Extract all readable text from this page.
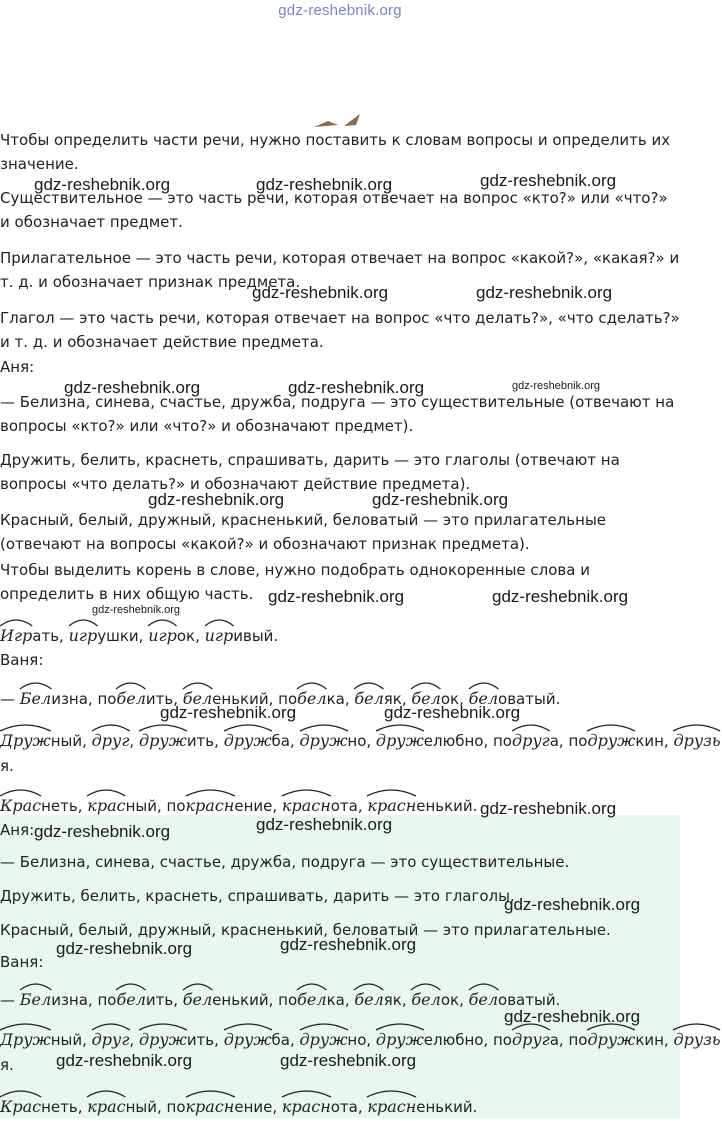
gdz-reshebnik.org
Чтобы определить части речи, нужно поставить к словам вопросы и определить их значение.
Существительное — это часть речи, которая отвечает на вопрос «кто?» или «что?» и обозначает предмет.
Прилагательное — это часть речи, которая отвечает на вопрос «какой?», «какая?» и т. д. и обозначает признак предмета.
Глагол — это часть речи, которая отвечает на вопрос «что делать?», «что сделать?» и т. д. и обозначает действие предмета.
Аня:
— Белизна, синева, счастье, дружба, подруга — это существительные (отвечают на вопросы «кто?» или «что?» и обозначают предмет).
Дружить, белить, краснеть, спрашивать, дарить — это глаголы (отвечают на вопросы «что делать?» и обозначают действие предмета).
Красный, белый, дружный, красненький, беловатый — это прилагательные (отвечают на вопросы «какой?» и обозначают признак предмета).
Чтобы выделить корень в слове, нужно подобрать однокоренные слова и определить в них общую часть.
Игр
ать, игр
ушки, игр
ок, игр
ивый.
Ваня:
— Бел
изна, побел
ить, бел
енький, побел
ка, бел
як, бел
ок, бел
оватый.
Друж
ный, друг
, друж
ить, друж
ба, друж
но, друж
елюбно, подруг
а, подруж
кин, друзь
я.
Крас
неть, крас
ный, покрасн
ение, красн
ота, красн
енький.
Аня:
— Белизна, синева, счастье, дружба, подруга — это существительные.
Дружить, белить, краснеть, спрашивать, дарить — это глаголы.
Красный, белый, дружный, красненький, беловатый — это прилагательные.
Ваня:
— Бел
изна, побел
ить, бел
енький, побел
ка, бел
як, бел
ок, бел
оватый.
Друж
ный, друг
, друж
ить, друж
ба, друж
но, друж
елюбно, подруг
а, подруж
кин, друзь
я.
Крас
неть, крас
ный, покрасн
ение, красн
ота, красн
енький.
gdz-reshebnik.org	gdz-reshebnik.org	gdz-reshebnik.org
gdz-reshebnik.org	gdz-reshebnik.org
gdz-reshebnik.org	gdz-reshebnik.org	gdz-reshebnik.org
gdz-reshebnik.org	gdz-reshebnik.org
gdz-reshebnik.org	gdz-reshebnik.org
gdz-reshebnik.org
gdz-reshebnik.org	gdz-reshebnik.org
gdz-reshebnik.org
gdz-reshebnik.org
gdz-reshebnik.org
gdz-reshebnik.org
gdz-reshebnik.org
gdz-reshebnik.org
gdz-reshebnik.org
gdz-reshebnik.org	gdz-reshebnik.org
